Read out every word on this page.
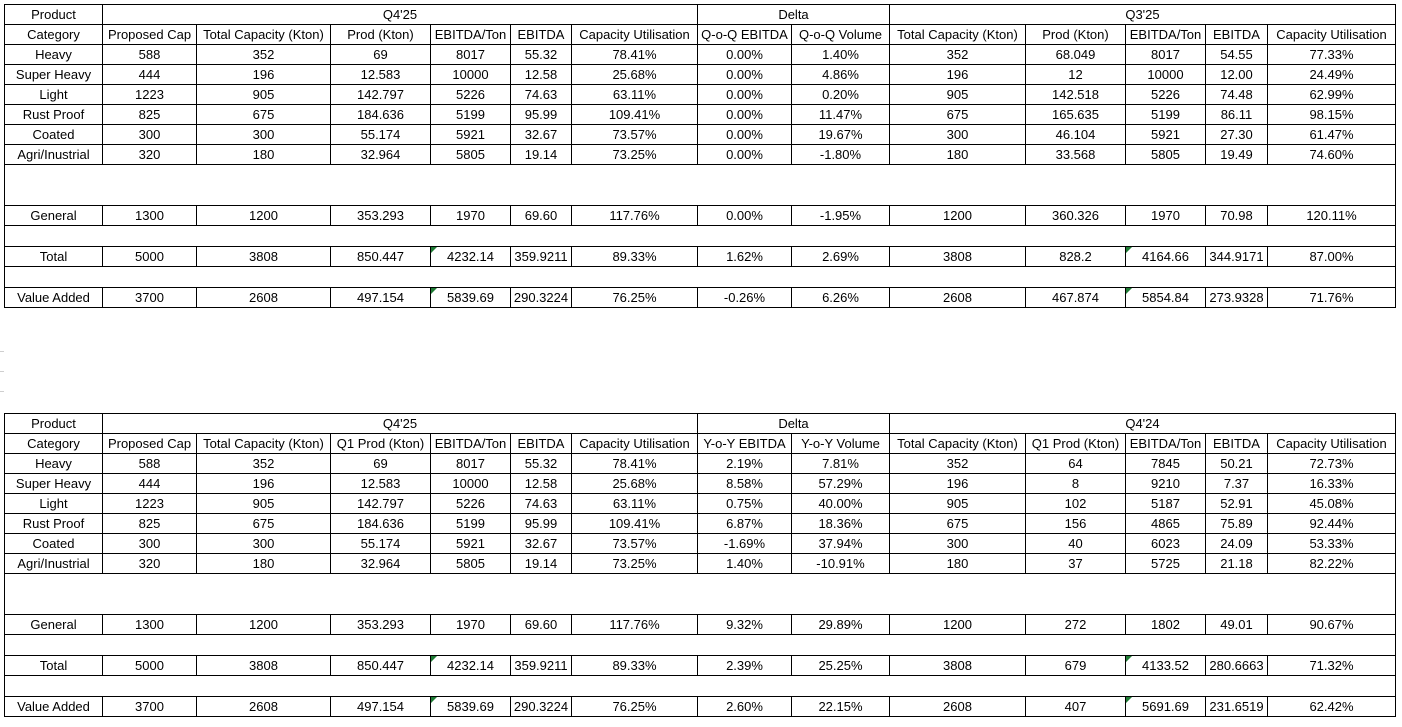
Product	Q4'25						Delta		Q3'25				
Category	Proposed Cap	Total Capacity (Kton)	Prod (Kton)	EBITDA/Ton	EBITDA	Capacity Utilisation	Q-o-Q EBITDA	Q-o-Q Volume	Total Capacity (Kton)	Prod (Kton)	EBITDA/Ton	EBITDA	Capacity Utilisation
Heavy	588	352	69	8017	55.32	78.41%	0.00%	1.40%	352	68.049	8017	54.55	77.33%
Super Heavy	444	196	12.583	10000	12.58	25.68%	0.00%	4.86%	196	12	10000	12.00	24.49%
Light	1223	905	142.797	5226	74.63	63.11%	0.00%	0.20%	905	142.518	5226	74.48	62.99%
Rust Proof	825	675	184.636	5199	95.99	109.41%	0.00%	11.47%	675	165.635	5199	86.11	98.15%
Coated	300	300	55.174	5921	32.67	73.57%	0.00%	19.67%	300	46.104	5921	27.30	61.47%
Agri/Inustrial	320	180	32.964	5805	19.14	73.25%	0.00%	-1.80%	180	33.568	5805	19.49	74.60%

General	1300	1200	353.293	1970	69.60	117.76%	0.00%	-1.95%	1200	360.326	1970	70.98	120.11%

Total	5000	3808	850.447	4232.14	359.9211	89.33%	1.62%	2.69%	3808	828.2	4164.66	344.9171	87.00%

Value Added	3700	2608	497.154	5839.69	290.3224	76.25%	-0.26%	6.26%	2608	467.874	5854.84	273.9328	71.76%
Product	Q4'25						Delta		Q4'24				
Category	Proposed Cap	Total Capacity (Kton)	Q1 Prod (Kton)	EBITDA/Ton	EBITDA	Capacity Utilisation	Y-o-Y EBITDA	Y-o-Y Volume	Total Capacity (Kton)	Q1 Prod (Kton)	EBITDA/Ton	EBITDA	Capacity Utilisation
Heavy	588	352	69	8017	55.32	78.41%	2.19%	7.81%	352	64	7845	50.21	72.73%
Super Heavy	444	196	12.583	10000	12.58	25.68%	8.58%	57.29%	196	8	9210	7.37	16.33%
Light	1223	905	142.797	5226	74.63	63.11%	0.75%	40.00%	905	102	5187	52.91	45.08%
Rust Proof	825	675	184.636	5199	95.99	109.41%	6.87%	18.36%	675	156	4865	75.89	92.44%
Coated	300	300	55.174	5921	32.67	73.57%	-1.69%	37.94%	300	40	6023	24.09	53.33%
Agri/Inustrial	320	180	32.964	5805	19.14	73.25%	1.40%	-10.91%	180	37	5725	21.18	82.22%

General	1300	1200	353.293	1970	69.60	117.76%	9.32%	29.89%	1200	272	1802	49.01	90.67%

Total	5000	3808	850.447	4232.14	359.9211	89.33%	2.39%	25.25%	3808	679	4133.52	280.6663	71.32%

Value Added	3700	2608	497.154	5839.69	290.3224	76.25%	2.60%	22.15%	2608	407	5691.69	231.6519	62.42%
